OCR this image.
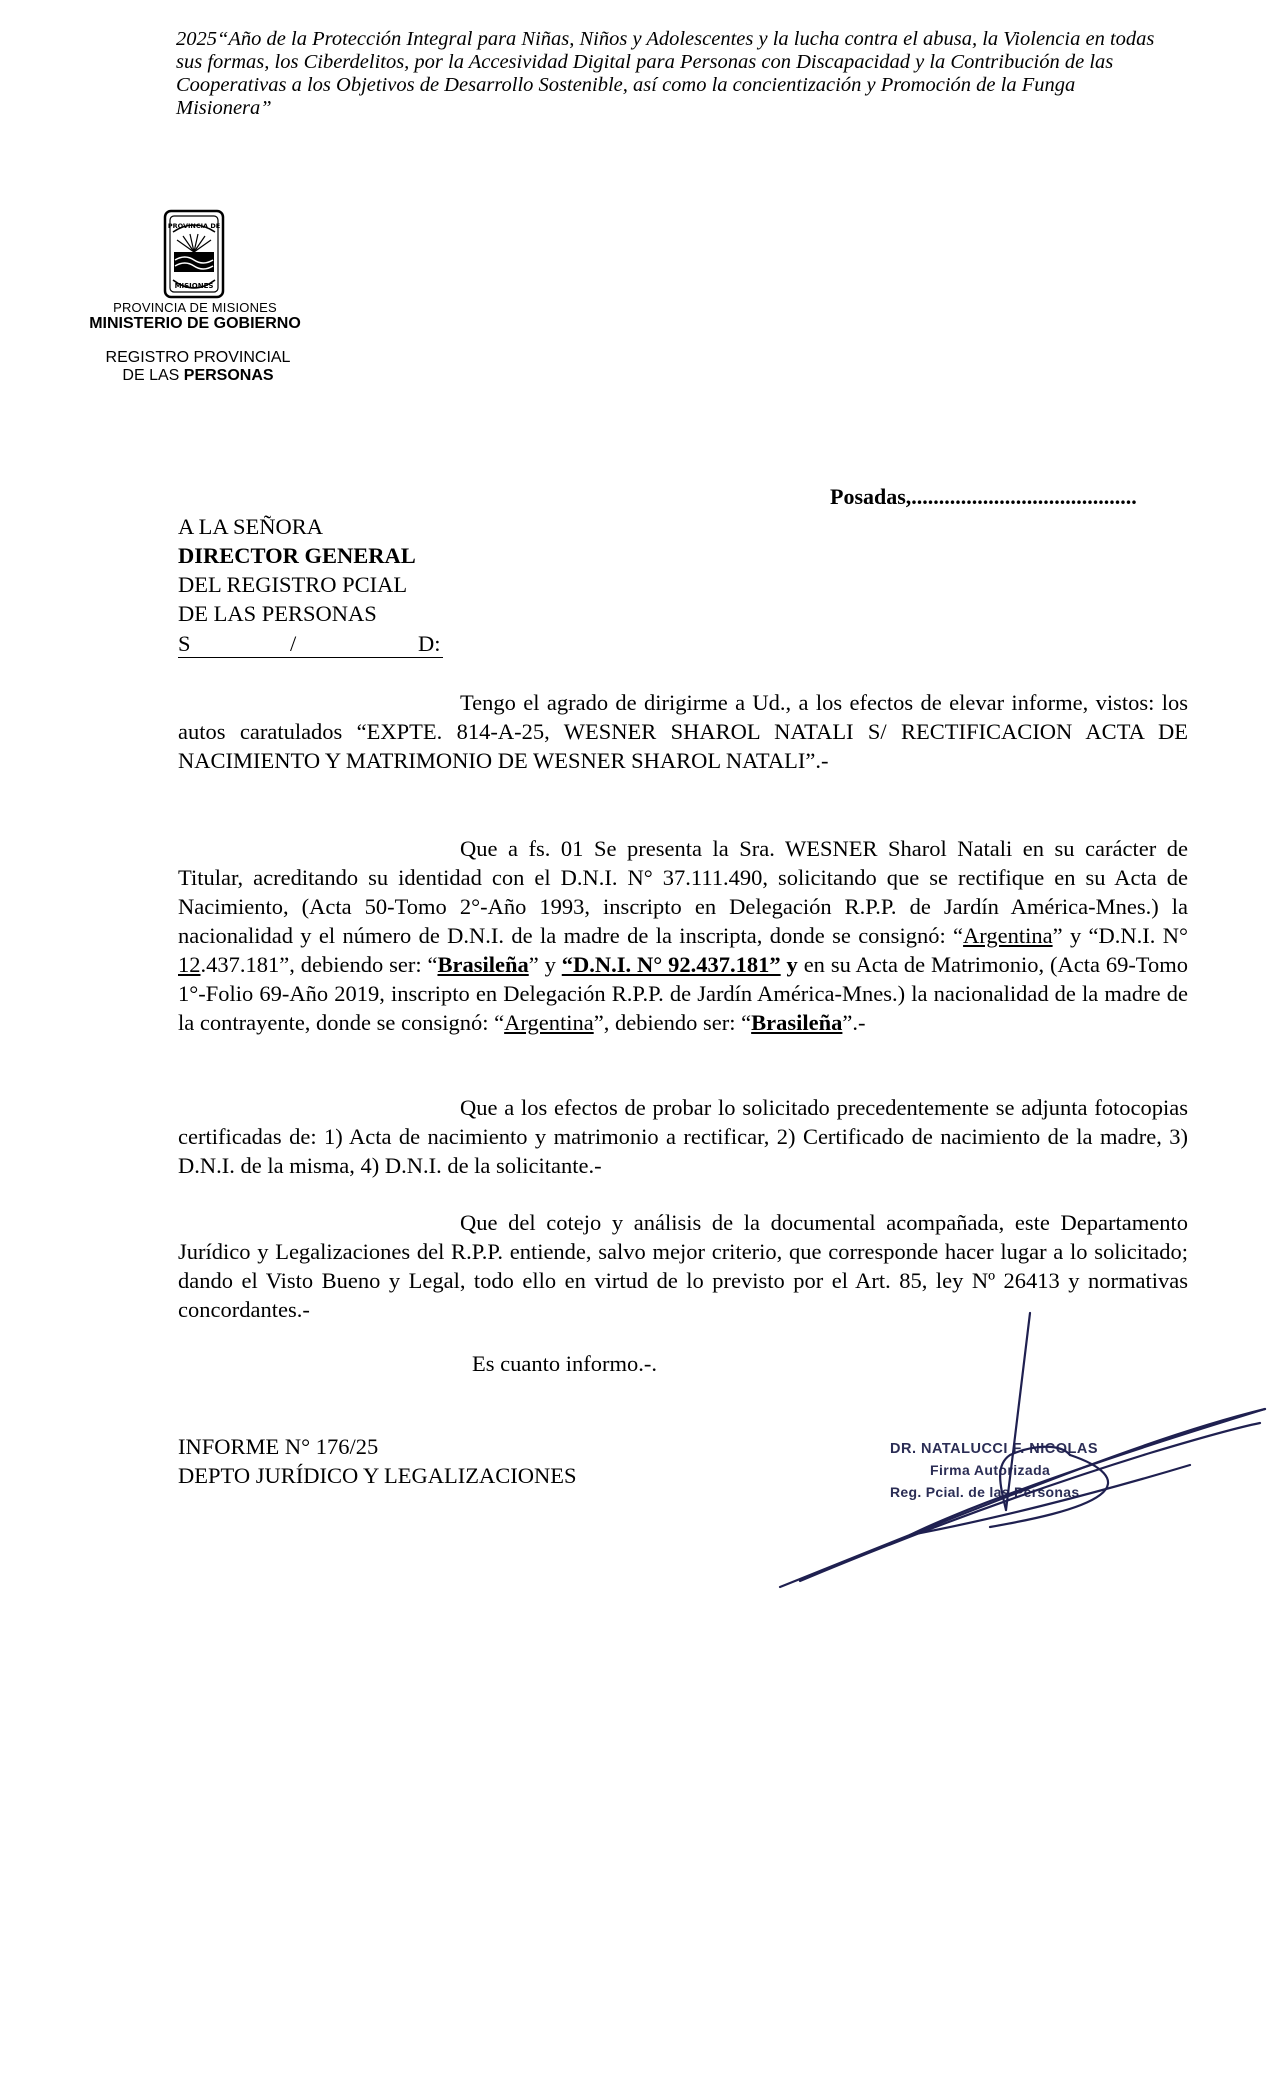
2025“Año de la Protección Integral para Niñas, Niños y Adolescentes y la lucha contra el abusa, la Violencia en todas sus formas, los Ciberdelitos, por la Accesividad Digital para Personas con Discapacidad y la Contribución de las Cooperativas a los Objetivos de Desarrollo Sostenible, así como la concientización y Promoción de la Funga Misionera”
PROVINCIA DE
MISIONES
PROVINCIA DE MISIONES
MINISTERIO DE GOBIERNO
REGISTRO PROVINCIAL
DE LAS PERSONAS
Posadas,.........................................
A LA SEÑORA
DIRECTOR GENERAL
DEL REGISTRO PCIAL
DE LAS PERSONAS
S	/	D:
Tengo el agrado de dirigirme a Ud., a los efectos de elevar informe, vistos: los autos caratulados “EXPTE. 814-A-25, WESNER SHAROL NATALI S/ RECTIFICACION ACTA DE NACIMIENTO Y MATRIMONIO DE WESNER SHAROL NATALI”.-
Que a fs. 01 Se presenta la Sra. WESNER Sharol Natali en su carácter de Titular, acreditando su identidad con el D.N.I. N° 37.111.490, solicitando que se rectifique en su Acta de Nacimiento, (Acta 50-Tomo 2°-Año 1993, inscripto en Delegación R.P.P. de Jardín América-Mnes.) la nacionalidad y el número de D.N.I. de la madre de la inscripta, donde se consignó: “Argentina” y “D.N.I. N° 12.437.181”, debiendo ser: “Brasileña” y “D.N.I. N° 92.437.181” y en su Acta de Matrimonio, (Acta 69-Tomo 1°-Folio 69-Año 2019, inscripto en Delegación R.P.P. de Jardín América-Mnes.) la nacionalidad de la madre de la contrayente, donde se consignó: “Argentina”, debiendo ser: “Brasileña”.-
Que a los efectos de probar lo solicitado precedentemente se adjunta fotocopias certificadas de: 1) Acta de nacimiento y matrimonio a rectificar, 2) Certificado de nacimiento de la madre, 3) D.N.I. de la misma, 4) D.N.I. de la solicitante.-
Que del cotejo y análisis de la documental acompañada, este Departamento Jurídico y Legalizaciones del R.P.P. entiende, salvo mejor criterio, que corresponde hacer lugar a lo solicitado; dando el Visto Bueno y Legal, todo ello en virtud de lo previsto por el Art. 85, ley Nº 26413 y normativas concordantes.-
Es cuanto informo.-.
INFORME N° 176/25
DEPTO JURÍDICO Y LEGALIZACIONES
DR. NATALUCCI F. NICOLAS
Firma Autorizada
Reg. Pcial. de las Personas
